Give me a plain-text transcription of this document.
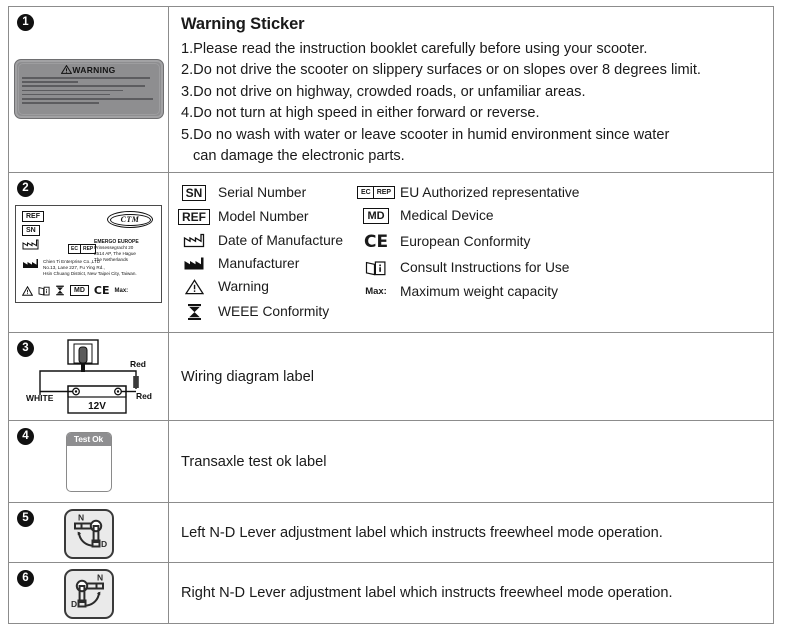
1
WARNING
Warning Sticker
1.Please read the instruction booklet carefully before using your scooter.
2.Do not drive the scooter on slippery surfaces or on slopes over 8 degrees limit.
3.Do not drive on highway, crowded roads, or unfamiliar areas.
4.Do not turn at high speed in either forward or reverse.
5.Do no wash with water or leave scooter in humid environment since water
can damage the electronic parts.
2
REF
SN
CTM
EC	REP
EMERGO EUROPE
Prinsessegracht 20
2514 AP, The Hague
The Netherlands
Chien Ti Enterprise Co.,LTD
No.13, Lane 227, Fu Ying Rd.,
Hsin Chuang District, New Taipei City, Taiwan.
MD CE Max:
SN Serial Number
REF Model Number
Date of Manufacture
Manufacturer
Warning
WEEE Conformity
EC REP EU Authorized representative
MD Medical Device
CE European Conformity
Consult Instructions for Use
Max: Maximum weight capacity
3
Red
Red
WHITE
12V
Wiring diagram label
4	Test Ok
Transaxle test ok label
5	N
D
Left N-D Lever adjustment label which instructs freewheel mode operation.
6	N
D
Right N-D Lever adjustment label which instructs freewheel mode operation.
